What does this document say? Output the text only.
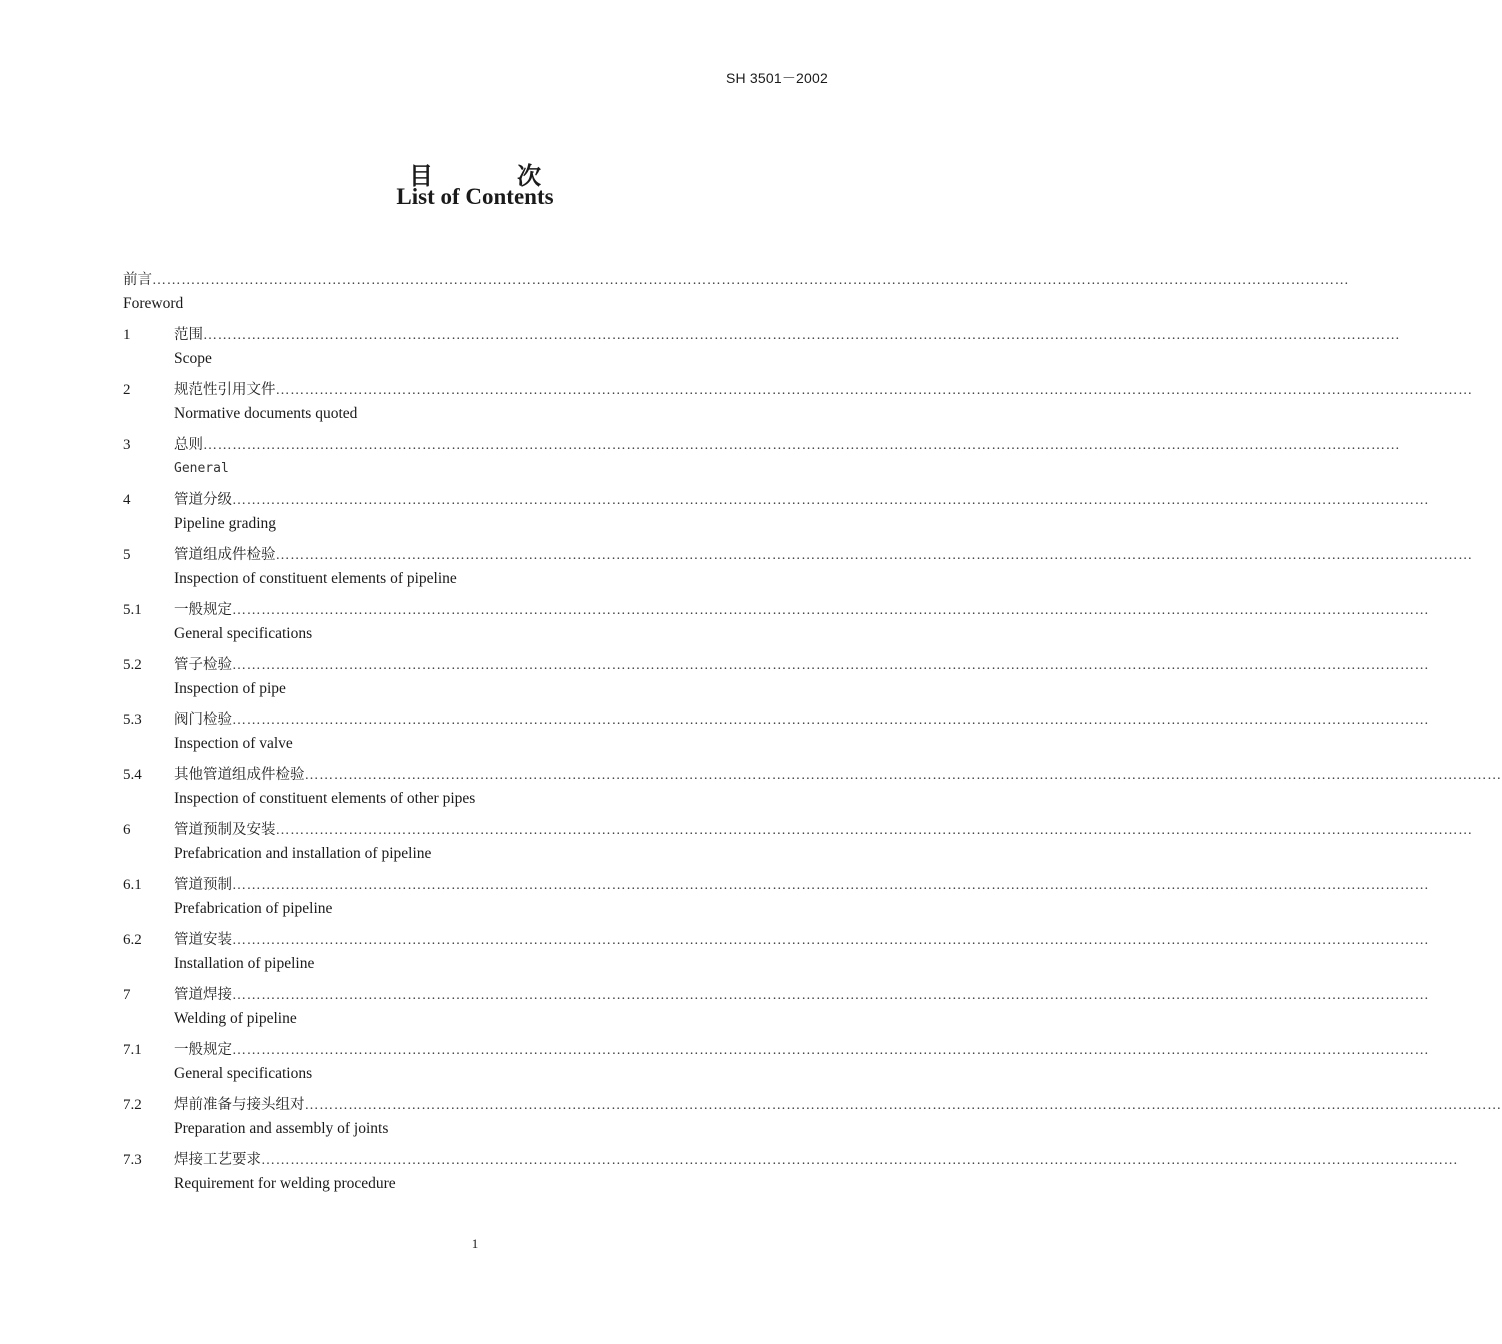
SH 3501－2002
目	次
List of Contents
前言 …………………………………………………………………………………………………………………………………………………………………………………………………………………………
Foreword
1	范围 …………………………………………………………………………………………………………………………………………………………………………………………………………………………
Scope
2	规范性引用文件 …………………………………………………………………………………………………………………………………………………………………………………………………………………………
Normative documents quoted
3	总则 …………………………………………………………………………………………………………………………………………………………………………………………………………………………
General
4	管道分级 …………………………………………………………………………………………………………………………………………………………………………………………………………………………
Pipeline grading
5	管道组成件检验 …………………………………………………………………………………………………………………………………………………………………………………………………………………………
Inspection of constituent elements of pipeline
5.1 一般规定 …………………………………………………………………………………………………………………………………………………………………………………………………………………………
General specifications
5.2 管子检验 …………………………………………………………………………………………………………………………………………………………………………………………………………………………
Inspection of pipe
5.3 阀门检验 …………………………………………………………………………………………………………………………………………………………………………………………………………………………
Inspection of valve
5.4 其他管道组成件检验 …………………………………………………………………………………………………………………………………………………………………………………………………………………………
Inspection of constituent elements of other pipes
6	管道预制及安装 …………………………………………………………………………………………………………………………………………………………………………………………………………………………
Prefabrication and installation of pipeline
6.1 管道预制 …………………………………………………………………………………………………………………………………………………………………………………………………………………………
Prefabrication of pipeline
6.2 管道安装 …………………………………………………………………………………………………………………………………………………………………………………………………………………………
Installation of pipeline
7	管道焊接 …………………………………………………………………………………………………………………………………………………………………………………………………………………………
Welding of pipeline
7.1 一般规定 …………………………………………………………………………………………………………………………………………………………………………………………………………………………
General specifications
7.2 焊前准备与接头组对 …………………………………………………………………………………………………………………………………………………………………………………………………………………………
Preparation and assembly of joints
7.3 焊接工艺要求 …………………………………………………………………………………………………………………………………………………………………………………………………………………………
Requirement for welding procedure
1
